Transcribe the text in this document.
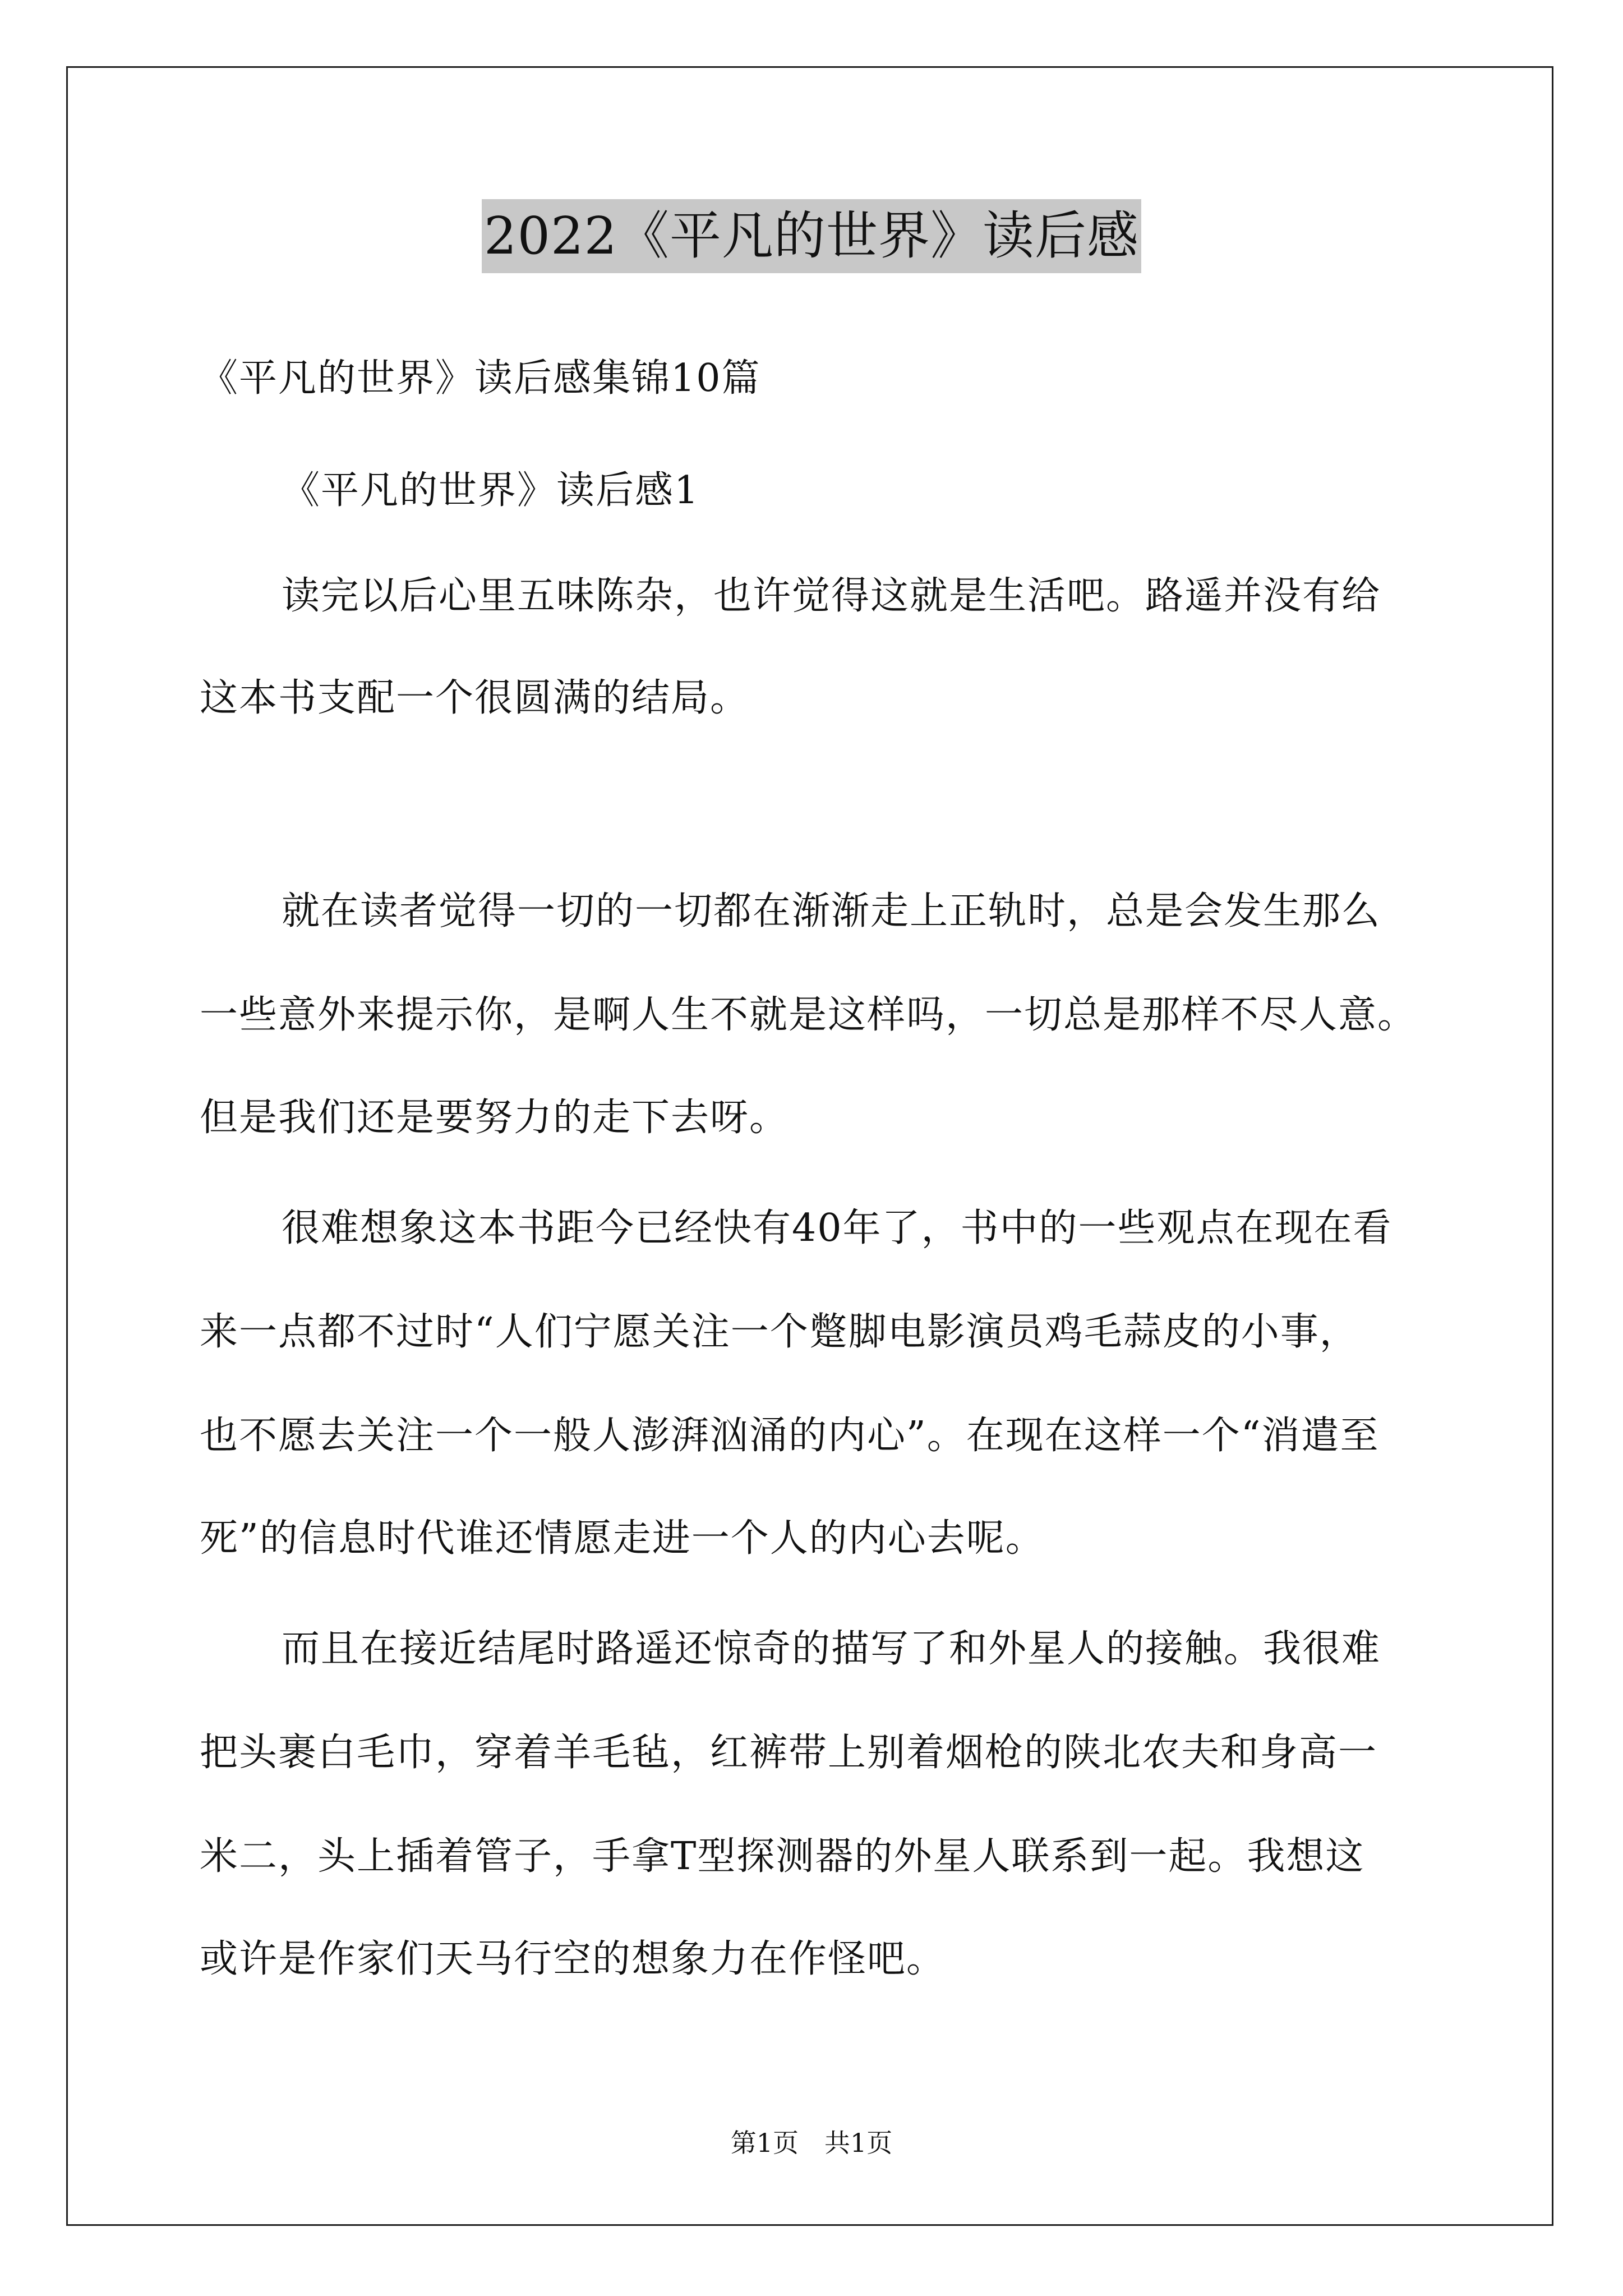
2022《平凡的世界》读后感
《平凡的世界》读后感集锦10篇
《平凡的世界》读后感1
读完以后心里五味陈杂，也许觉得这就是生活吧。路遥并没有给
这本书支配一个很圆满的结局。
就在读者觉得一切的一切都在渐渐走上正轨时，总是会发生那么
一些意外来提示你，是啊人生不就是这样吗，一切总是那样不尽人意。
但是我们还是要努力的走下去呀。
很难想象这本书距今已经快有40年了，书中的一些观点在现在看
来一点都不过时“人们宁愿关注一个蹩脚电影演员鸡毛蒜皮的小事，
也不愿去关注一个一般人澎湃汹涌的内心”。在现在这样一个“消遣至
死”的信息时代谁还情愿走进一个人的内心去呢。
而且在接近结尾时路遥还惊奇的描写了和外星人的接触。我很难
把头裹白毛巾，穿着羊毛毡，红裤带上别着烟枪的陕北农夫和身高一
米二，头上插着管子，手拿T型探测器的外星人联系到一起。我想这
或许是作家们天马行空的想象力在作怪吧。
第1页　共1页
